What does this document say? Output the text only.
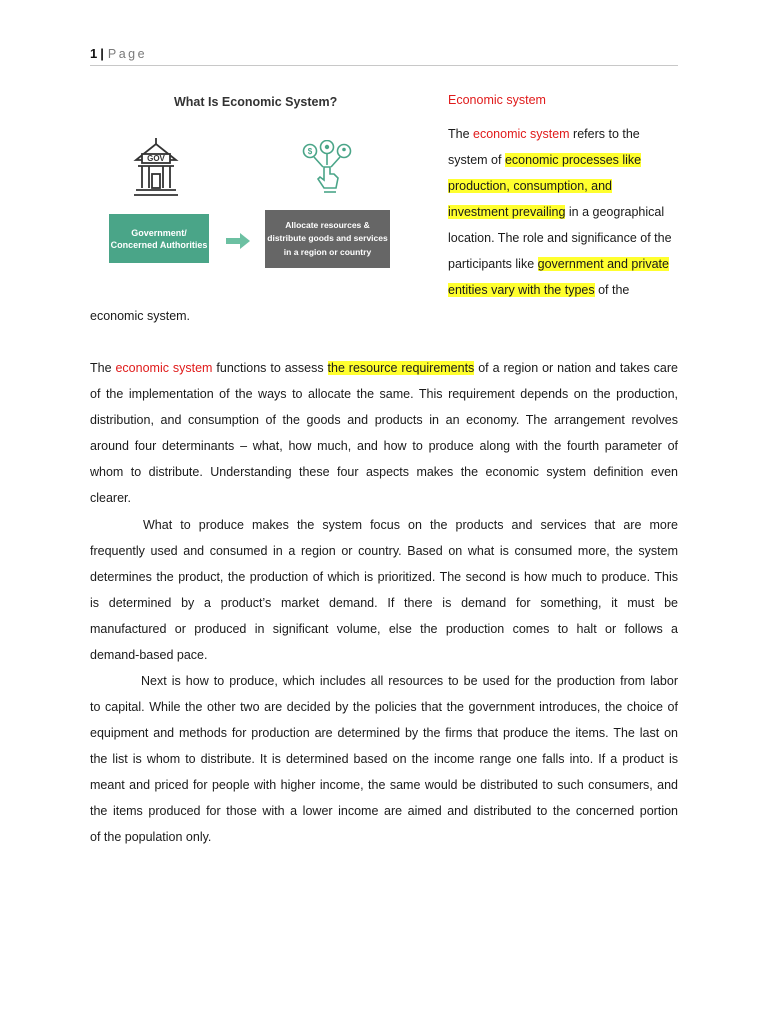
1 | Page
What Is Economic System?
GOV
$
Government/
Concerned Authorities
Allocate resources &
distribute goods and services
in a region or country
Economic system
The economic system refers to the
system of economic processes like
production, consumption, and
investment prevailing in a geographical
location. The role and significance of the
participants like government and private
entities vary with the types of the
economic system.
The economic system functions to assess the resource requirements of a region or nation and takes care
of the implementation of the ways to allocate the same. This requirement depends on the production,
distribution, and consumption of the goods and products in an economy. The arrangement revolves
around four determinants – what, how much, and how to produce along with the fourth parameter of
whom to distribute. Understanding these four aspects makes the economic system definition even
clearer.
What to produce makes the system focus on the products and services that are more
frequently used and consumed in a region or country. Based on what is consumed more, the system
determines the product, the production of which is prioritized. The second is how much to produce. This
is determined by a product’s market demand. If there is demand for something, it must be
manufactured or produced in significant volume, else the production comes to halt or follows a
demand-based pace.
Next is how to produce, which includes all resources to be used for the production from labor
to capital. While the other two are decided by the policies that the government introduces, the choice of
equipment and methods for production are determined by the firms that produce the items. The last on
the list is whom to distribute. It is determined based on the income range one falls into. If a product is
meant and priced for people with higher income, the same would be distributed to such consumers, and
the items produced for those with a lower income are aimed and distributed to the concerned portion
of the population only.
